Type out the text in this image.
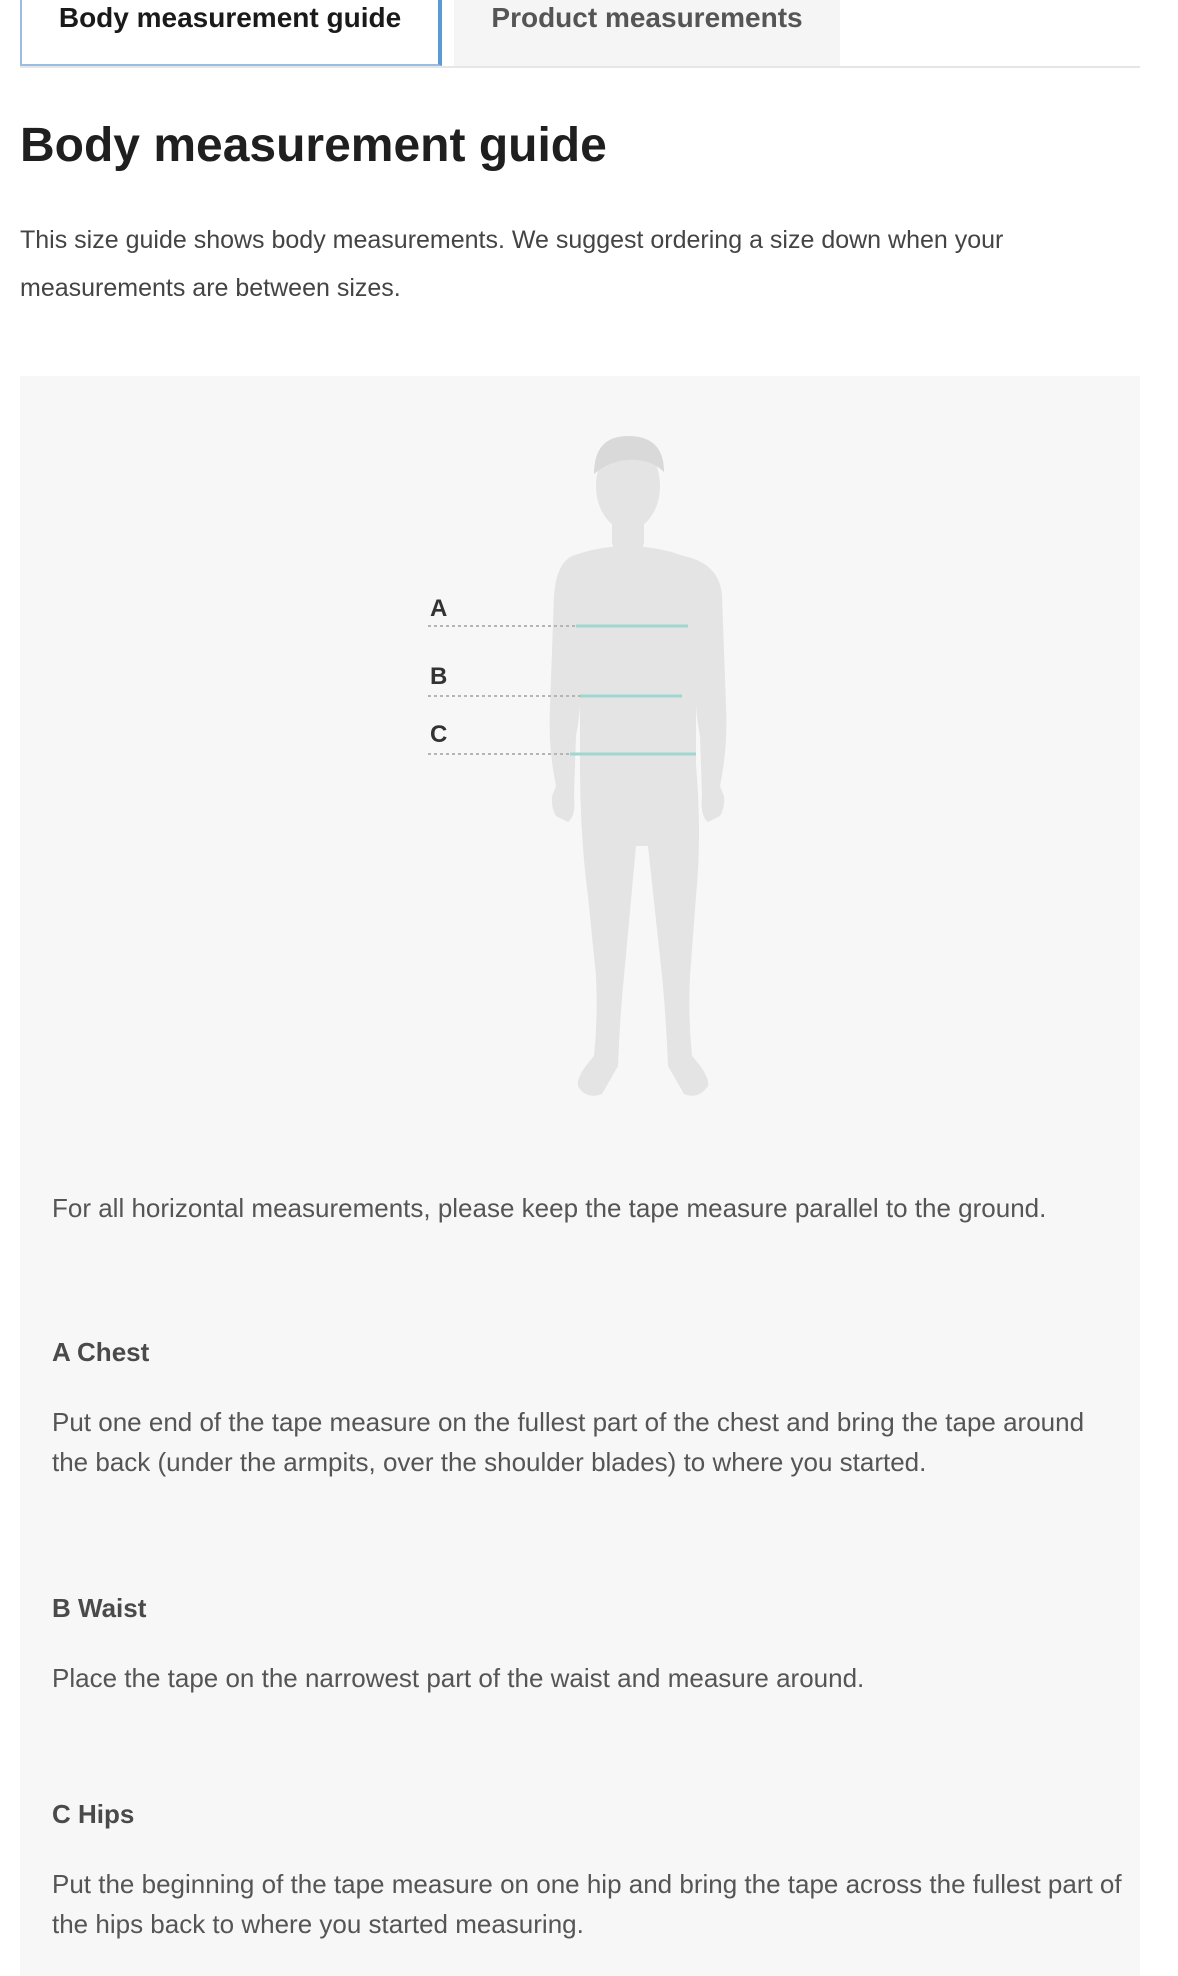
Body measurement guide	Product measurements
Body measurement guide

This size guide shows body measurements. We suggest ordering a size down when your measurements are between sizes.

A
B
C

For all horizontal measurements, please keep the tape measure parallel to the ground.

A Chest

Put one end of the tape measure on the fullest part of the chest and bring the tape around the back (under the armpits, over the shoulder blades) to where you started.

B Waist

Place the tape on the narrowest part of the waist and measure around.

C Hips

Put the beginning of the tape measure on one hip and bring the tape across the fullest part of the hips back to where you started measuring.
